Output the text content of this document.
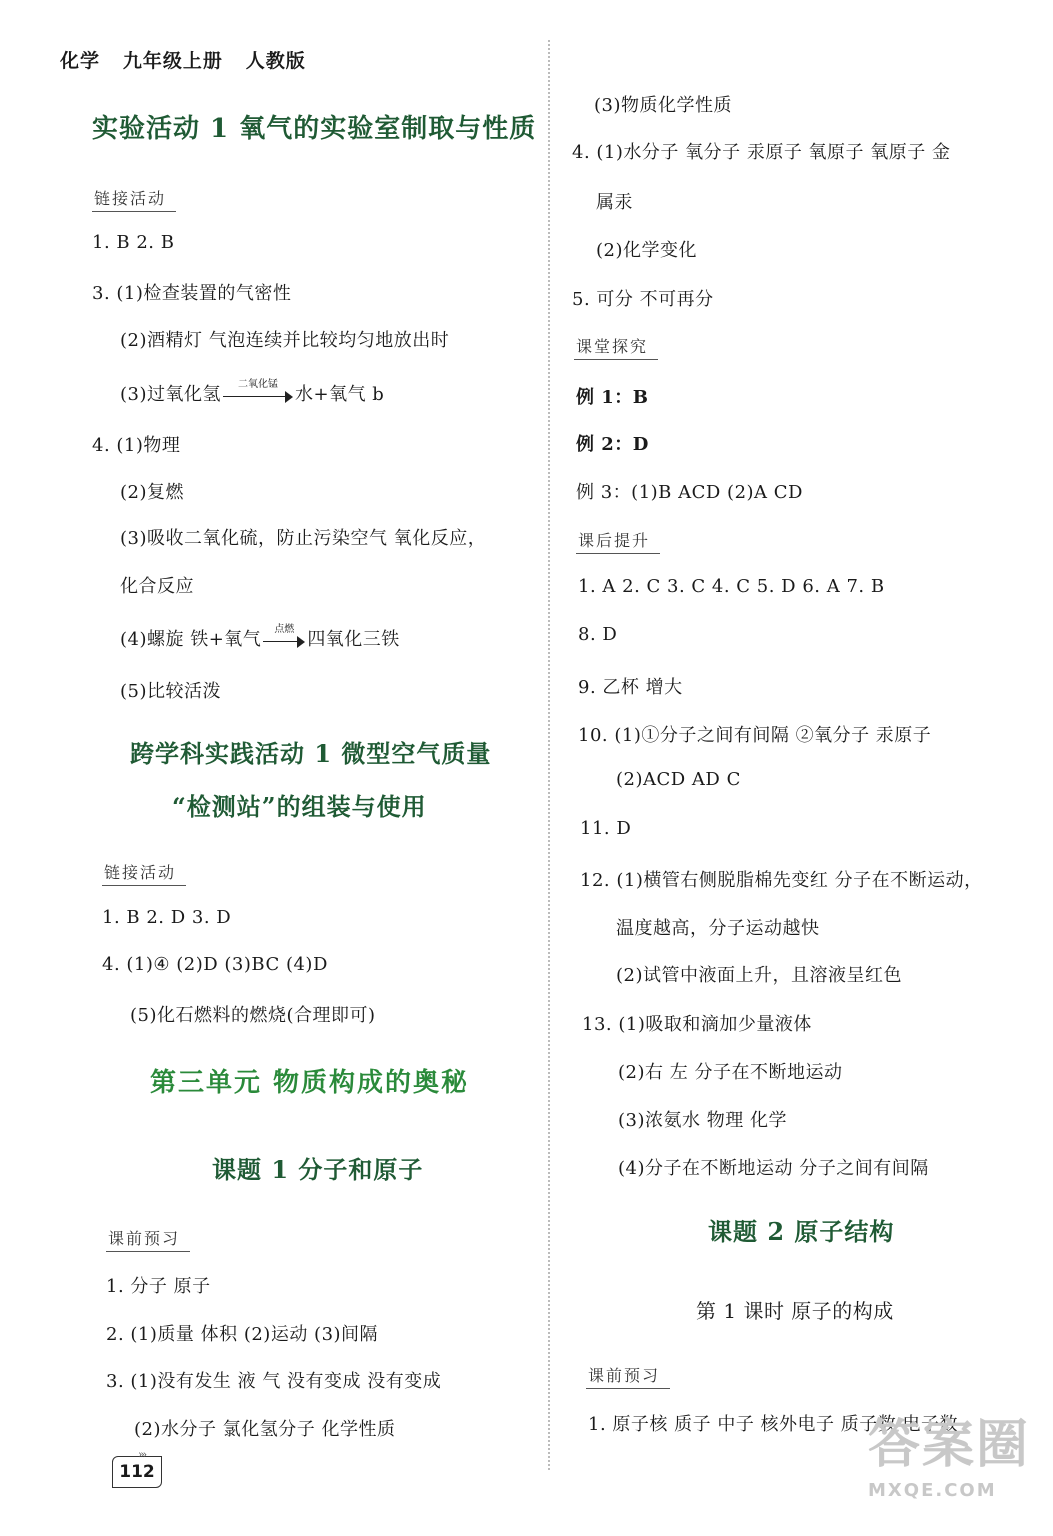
化学   九年级上册   人教版
实验活动 1 氧气的实验室制取与性质
链接活动
1. B 2. B
3. (1)检查装置的气密性
(2)酒精灯 气泡连续并比较均匀地放出时
(3)过氧化氢	二氧化锰 水+氧气 b
4. (1)物理
(2)复燃
(3)吸收二氧化硫，防止污染空气 氧化反应，
化合反应
(4)螺旋 铁+氧气	点燃 四氧化三铁
(5)比较活泼
跨学科实践活动 1 微型空气质量
“检测站”的组装与使用
链接活动
1. B 2. D 3. D
4. (1)④ (2)D (3)BC (4)D
(5)化石燃料的燃烧(合理即可)
第三单元 物质构成的奥秘
课题 1 分子和原子
课前预习
1. 分子 原子
2. (1)质量 体积 (2)运动 (3)间隔
3. (1)没有发生 液 气 没有变成 没有变成
(2)水分子 氯化氢分子 化学性质
(3)物质化学性质
4. (1)水分子 氧分子 汞原子 氧原子 氧原子 金
属汞
(2)化学变化
5. 可分 不可再分
课堂探究
例 1：B
例 2：D
例 3：(1)B ACD (2)A CD
课后提升
1. A 2. C 3. C 4. C 5. D 6. A 7. B
8. D
9. 乙杯 增大
10. (1)①分子之间有间隔 ②氧分子 汞原子
(2)ACD AD C
11. D
12. (1)横管右侧脱脂棉先变红 分子在不断运动，
温度越高，分子运动越快
(2)试管中液面上升，且溶液呈红色
13. (1)吸取和滴加少量液体
(2)右 左 分子在不断地运动
(3)浓氨水 物理 化学
(4)分子在不断地运动 分子之间有间隔
课题 2 原子结构
第 1 课时 原子的构成
课前预习
1. 原子核 质子 中子 核外电子 质子数 电子数
112
›››	答案圈
MXQE.COM
